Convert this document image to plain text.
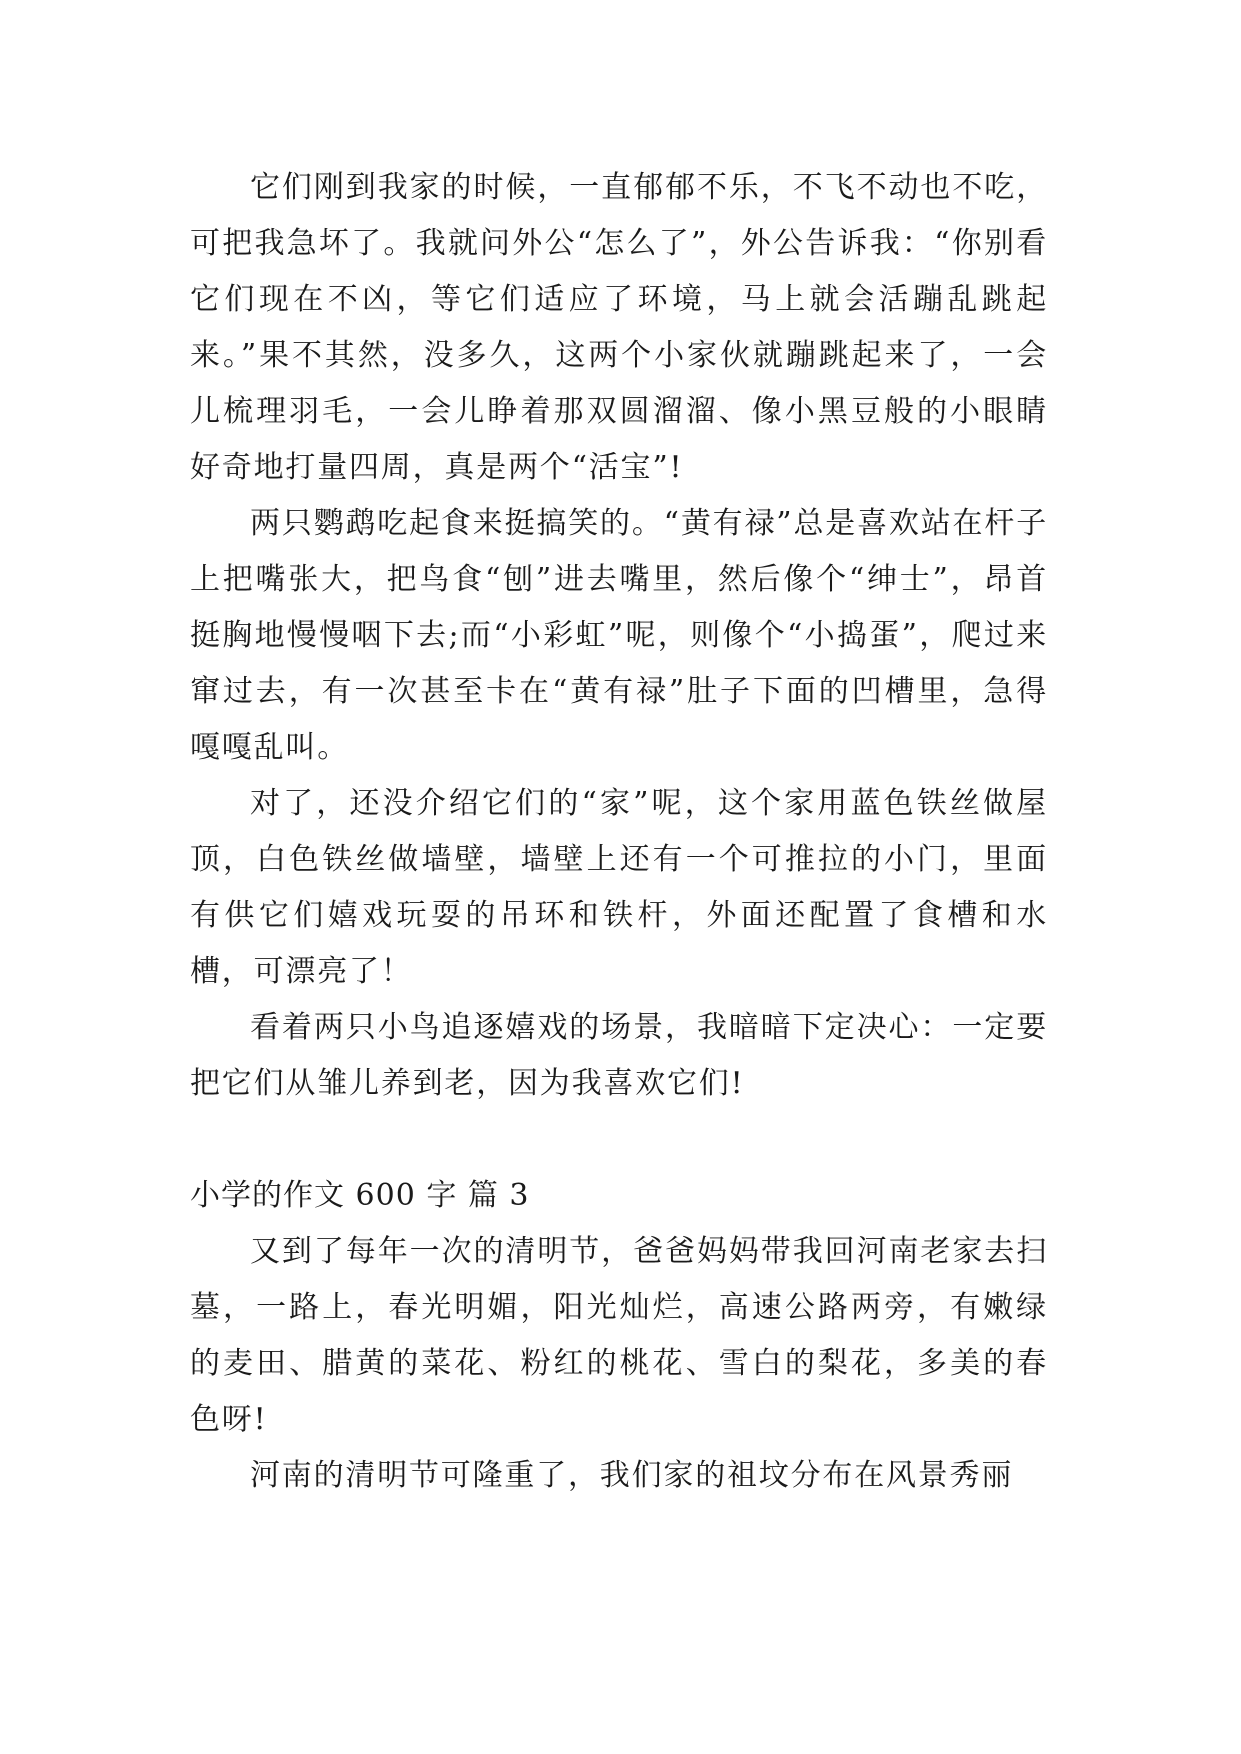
它们刚到我家的时候，一直郁郁不乐，不飞不动也不吃，可把我急坏了。我就问外公“怎么了”，外公告诉我：“你别看它们现在不凶，等它们适应了环境，马上就会活蹦乱跳起来。”果不其然，没多久，这两个小家伙就蹦跳起来了，一会儿梳理羽毛，一会儿睁着那双圆溜溜、像小黑豆般的小眼睛好奇地打量四周，真是两个“活宝”!

两只鹦鹉吃起食来挺搞笑的。“黄有禄”总是喜欢站在杆子上把嘴张大，把鸟食“刨”进去嘴里，然后像个“绅士”，昂首挺胸地慢慢咽下去;而“小彩虹”呢，则像个“小捣蛋”，爬过来窜过去，有一次甚至卡在“黄有禄”肚子下面的凹槽里，急得嘎嘎乱叫。

对了，还没介绍它们的“家”呢，这个家用蓝色铁丝做屋顶，白色铁丝做墙壁，墙壁上还有一个可推拉的小门，里面有供它们嬉戏玩耍的吊环和铁杆，外面还配置了食槽和水槽，可漂亮了！

看着两只小鸟追逐嬉戏的场景，我暗暗下定决心：一定要把它们从雏儿养到老，因为我喜欢它们!

小学的作文 600 字 篇 3

又到了每年一次的清明节，爸爸妈妈带我回河南老家去扫墓，一路上，春光明媚，阳光灿烂，高速公路两旁，有嫩绿的麦田、腊黄的菜花、粉红的桃花、雪白的梨花，多美的春色呀!

河南的清明节可隆重了，我们家的祖坟分布在风景秀丽
